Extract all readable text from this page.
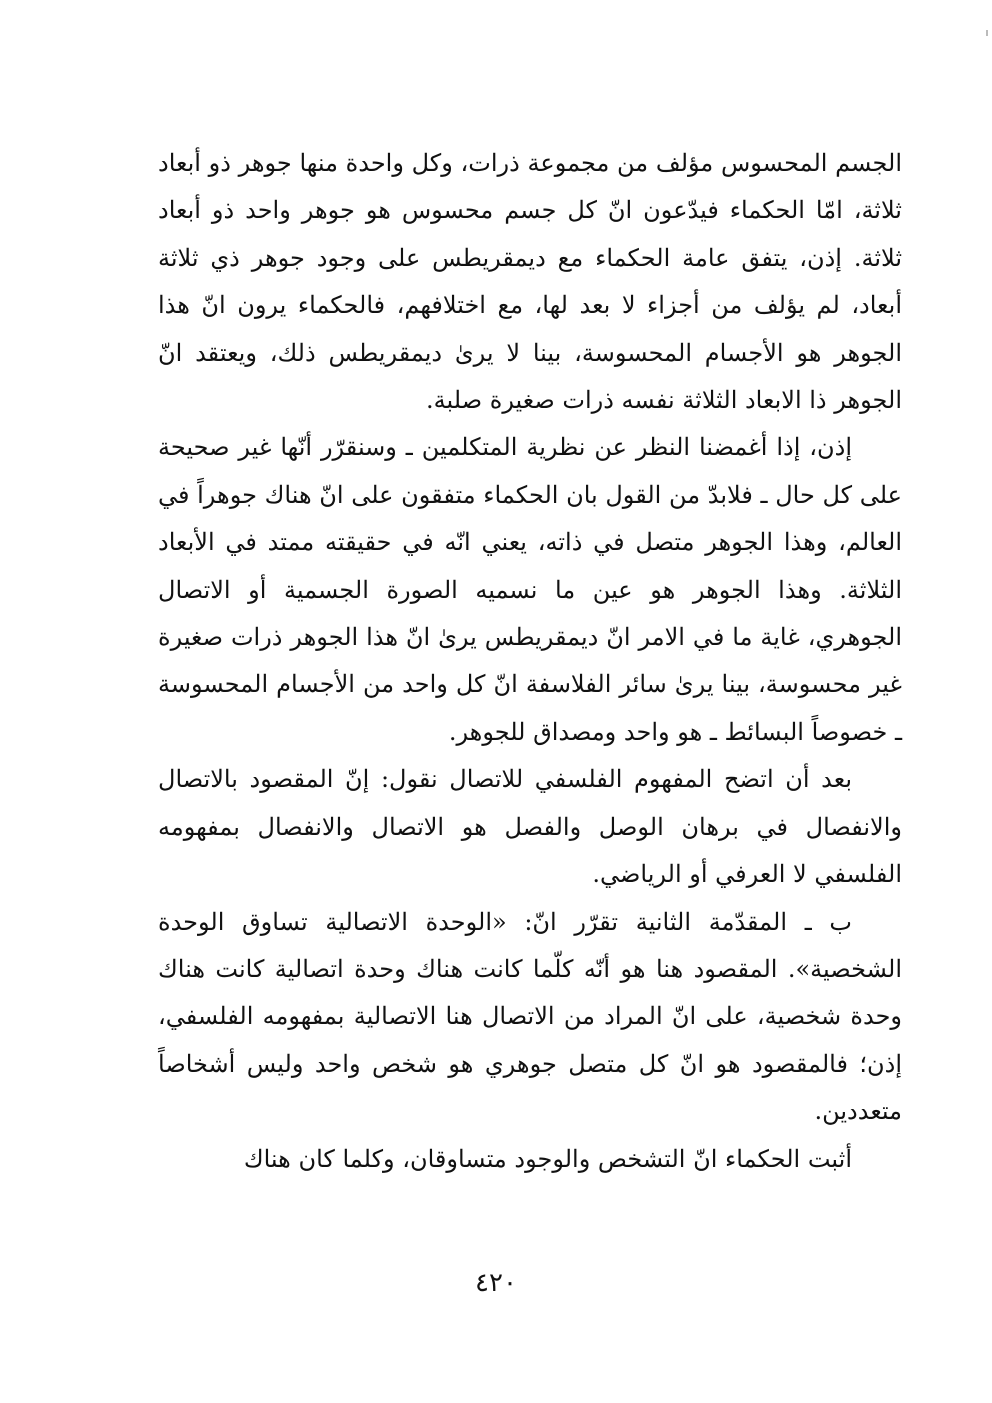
الجسم المحسوس مؤلف من مجموعة ذرات، وكل واحدة منها جوهر ذو أبعاد ثلاثة، امّا الحكماء فيدّعون انّ كل جسم محسوس هو جوهر واحد ذو أبعاد ثلاثة. إذن، يتفق عامة الحكماء مع ديمقريطس على وجود جوهر ذي ثلاثة أبعاد، لم يؤلف من أجزاء لا بعد لها، مع اختلافهم، فالحكماء يرون انّ هذا الجوهر هو الأجسام المحسوسة، بينا لا يرىٰ ديمقريطس ذلك، ويعتقد انّ الجوهر ذا الابعاد الثلاثة نفسه ذرات صغيرة صلبة.

إذن، إذا أغمضنا النظر عن نظرية المتكلمين ـ وسنقرّر أنّها غير صحيحة على كل حال ـ فلابدّ من القول بان الحكماء متفقون على انّ هناك جوهراً في العالم، وهذا الجوهر متصل في ذاته، يعني انّه في حقيقته ممتد في الأبعاد الثلاثة. وهذا الجوهر هو عين ما نسميه الصورة الجسمية أو الاتصال الجوهري، غاية ما في الامر انّ ديمقريطس يرىٰ انّ هذا الجوهر ذرات صغيرة غير محسوسة، بينا يرىٰ سائر الفلاسفة انّ كل واحد من الأجسام المحسوسة ـ خصوصاً البسائط ـ هو واحد ومصداق للجوهر.

بعد أن اتضح المفهوم الفلسفي للاتصال نقول: إنّ المقصود بالاتصال والانفصال في برهان الوصل والفصل هو الاتصال والانفصال بمفهومه الفلسفي لا العرفي أو الرياضي.

ب ـ المقدّمة الثانية تقرّر انّ: «الوحدة الاتصالية تساوق الوحدة الشخصية». المقصود هنا هو أنّه كلّما كانت هناك وحدة اتصالية كانت هناك وحدة شخصية، على انّ المراد من الاتصال هنا الاتصالية بمفهومه الفلسفي، إذن؛ فالمقصود هو انّ كل متصل جوهري هو شخص واحد وليس أشخاصاً متعددين.

أثبت الحكماء انّ التشخص والوجود متساوقان، وكلما كان هناك

٤٢٠
